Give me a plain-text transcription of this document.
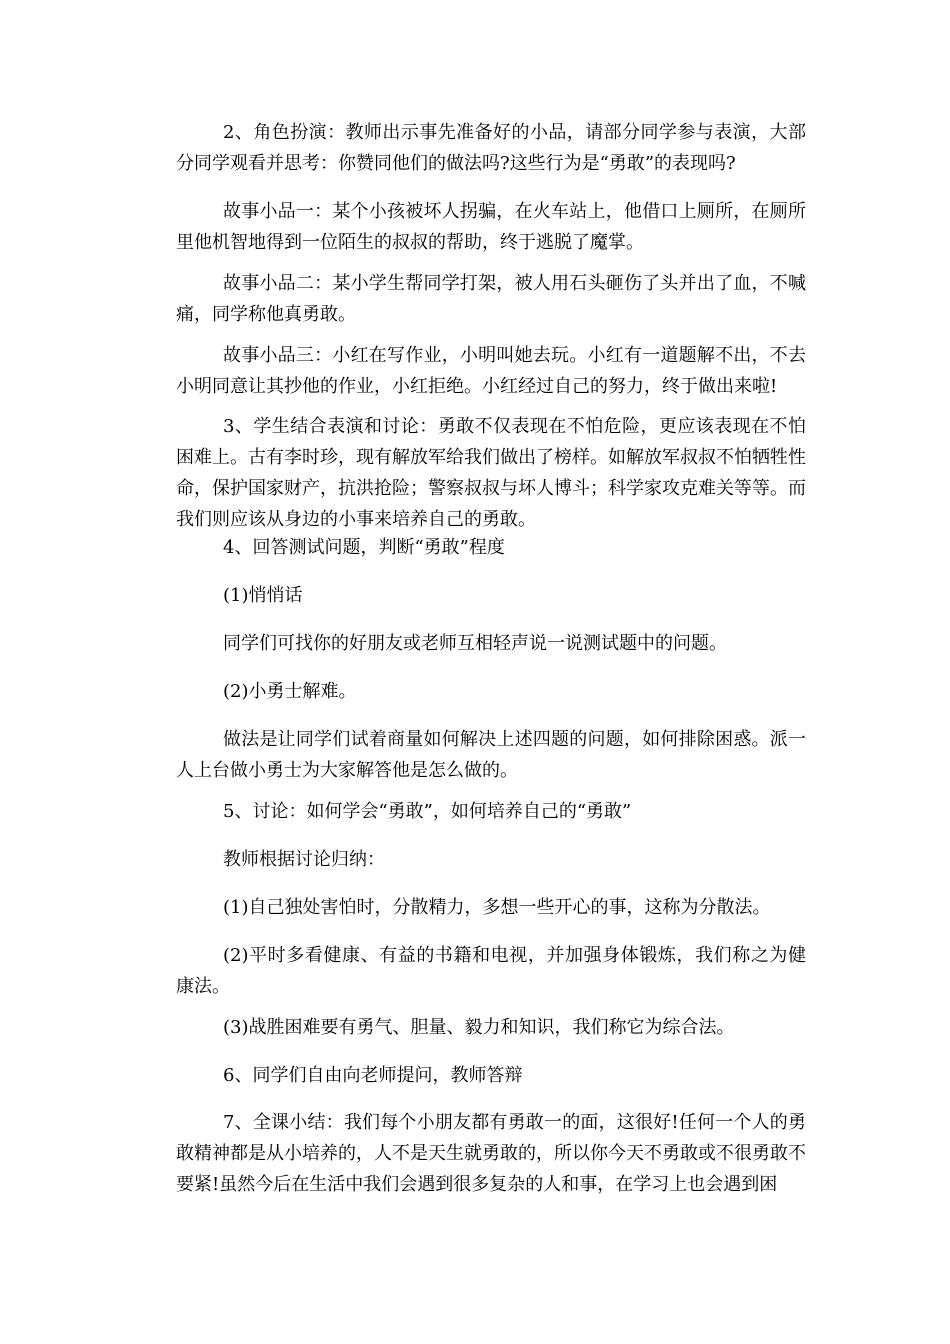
2、角色扮演：教师出示事先准备好的小品，请部分同学参与表演，大部分同学观看并思考：你赞同他们的做法吗?这些行为是“勇敢”的表现吗?

故事小品一：某个小孩被坏人拐骗，在火车站上，他借口上厕所，在厕所里他机智地得到一位陌生的叔叔的帮助，终于逃脱了魔掌。

故事小品二：某小学生帮同学打架，被人用石头砸伤了头并出了血，不喊痛，同学称他真勇敢。

故事小品三：小红在写作业，小明叫她去玩。小红有一道题解不出，不去小明同意让其抄他的作业，小红拒绝。小红经过自己的努力，终于做出来啦!

3、学生结合表演和讨论：勇敢不仅表现在不怕危险，更应该表现在不怕困难上。古有李时珍，现有解放军给我们做出了榜样。如解放军叔叔不怕牺牲性命，保护国家财产，抗洪抢险；警察叔叔与坏人博斗；科学家攻克难关等等。而我们则应该从身边的小事来培养自己的勇敢。

4、回答测试问题，判断“勇敢”程度

(1)悄悄话

同学们可找你的好朋友或老师互相轻声说一说测试题中的问题。

(2)小勇士解难。

做法是让同学们试着商量如何解决上述四题的问题，如何排除困惑。派一人上台做小勇士为大家解答他是怎么做的。

5、讨论：如何学会“勇敢”，如何培养自己的“勇敢”

教师根据讨论归纳：

(1)自己独处害怕时，分散精力，多想一些开心的事，这称为分散法。

(2)平时多看健康、有益的书籍和电视，并加强身体锻炼，我们称之为健康法。

(3)战胜困难要有勇气、胆量、毅力和知识，我们称它为综合法。

6、同学们自由向老师提问，教师答辩

7、全课小结：我们每个小朋友都有勇敢一的面，这很好!任何一个人的勇敢精神都是从小培养的，人不是天生就勇敢的，所以你今天不勇敢或不很勇敢不要紧!虽然今后在生活中我们会遇到很多复杂的人和事，在学习上也会遇到困
